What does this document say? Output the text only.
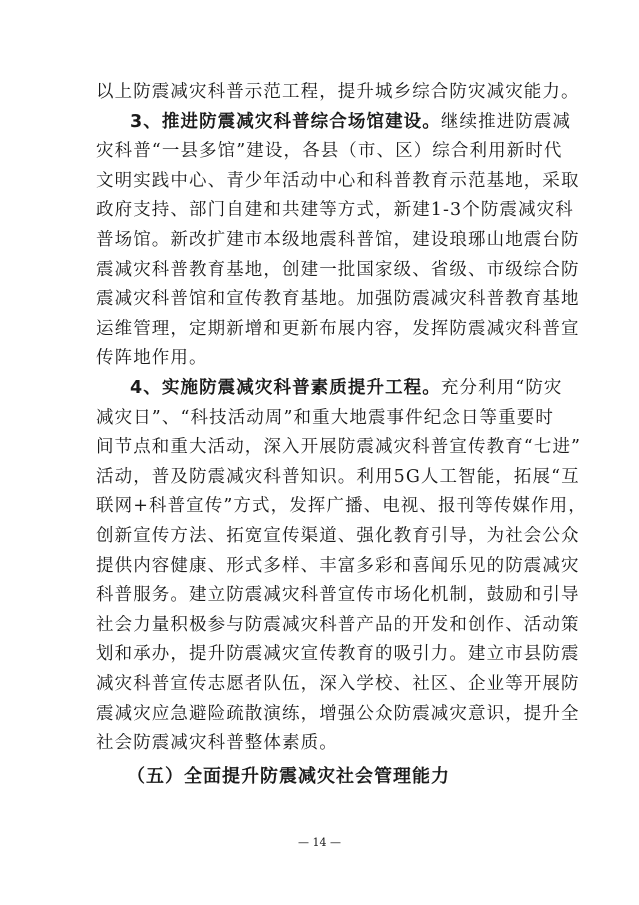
以上防震减灾科普示范工程，提升城乡综合防灾减灾能力。
3、推进防震减灾科普综合场馆建设。继续推进防震减
灾科普“一县多馆”建设，各县（市、区）综合利用新时代
文明实践中心、青少年活动中心和科普教育示范基地，采取
政府支持、部门自建和共建等方式，新建1-3个防震减灾科
普场馆。新改扩建市本级地震科普馆，建设琅琊山地震台防
震减灾科普教育基地，创建一批国家级、省级、市级综合防
震减灾科普馆和宣传教育基地。加强防震减灾科普教育基地
运维管理，定期新增和更新布展内容，发挥防震减灾科普宣
传阵地作用。
4、实施防震减灾科普素质提升工程。充分利用“防灾
减灾日”、“科技活动周”和重大地震事件纪念日等重要时
间节点和重大活动，深入开展防震减灾科普宣传教育“七进”
活动，普及防震减灾科普知识。利用5G人工智能，拓展“互
联网+科普宣传”方式，发挥广播、电视、报刊等传媒作用，
创新宣传方法、拓宽宣传渠道、强化教育引导，为社会公众
提供内容健康、形式多样、丰富多彩和喜闻乐见的防震减灾
科普服务。建立防震减灾科普宣传市场化机制，鼓励和引导
社会力量积极参与防震减灾科普产品的开发和创作、活动策
划和承办，提升防震减灾宣传教育的吸引力。建立市县防震
减灾科普宣传志愿者队伍，深入学校、社区、企业等开展防
震减灾应急避险疏散演练，增强公众防震减灾意识，提升全
社会防震减灾科普整体素质。
（五）全面提升防震减灾社会管理能力
— 14 —
